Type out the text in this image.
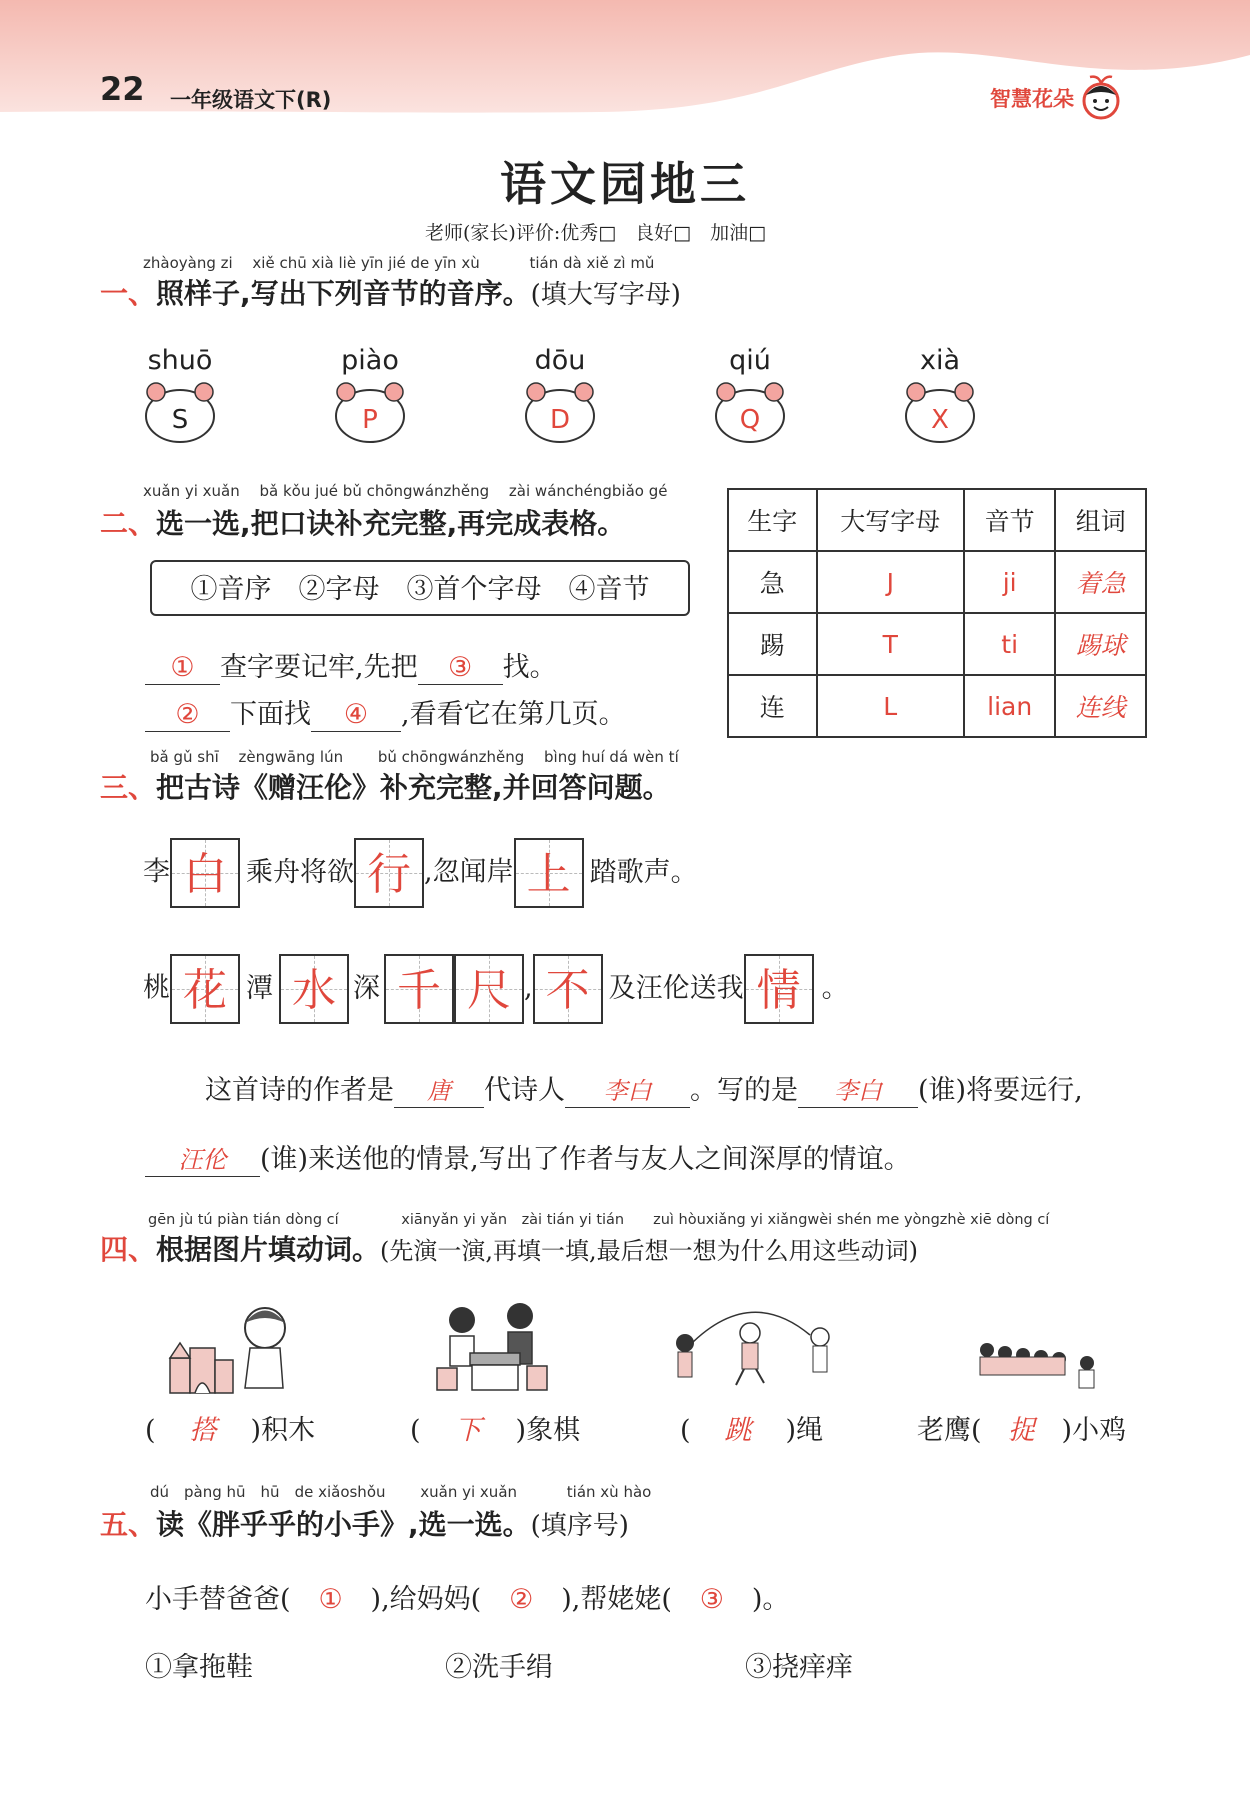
22 一年级语文下(R)	智慧花朵
语文园地三
老师(家长)评价:优秀□　良好□　加油□
zhàoyàng zi　 xiě chū xià liè yīn jié de yīn xù　　　 tián dà xiě zì mǔ
一、照样子,写出下列音节的音序。(填大写字母)
shuō
S
piào
P
dōu
D
qiú
Q
xià
X
xuǎn yi xuǎn　 bǎ kǒu jué bǔ chōngwánzhěng　 zài wánchéngbiǎo gé
二、选一选,把口诀补充完整,再完成表格。
①音序　②字母　③首个字母　④音节
① 查字要记牢,先把 ③ 找。
② 下面找 ④ ,看看它在第几页。
生字	大写字母	音节	组词
急	J	ji	着急
踢	T	ti	踢球
连	L	lian	连线
bǎ gǔ shī　 zèngwāng lún　　 bǔ chōngwánzhěng　 bìng huí dá wèn tí
三、把古诗《赠汪伦》补充完整,并回答问题。
李 白 乘舟将欲 行 ,忽闻岸 上 踏歌声。
桃 花 潭 水 深 千 尺 , 不 及汪伦送我 情 。
这首诗的作者是 唐 代诗人 李白 。写的是 李白 (谁)将要远行,
汪伦 (谁)来送他的情景,写出了作者与友人之间深厚的情谊。
gēn jù tú piàn tián dòng cí　　　　 xiānyǎn yi yǎn　zài tián yi tián　　zuì hòuxiǎng yi xiǎngwèi shén me yòngzhè xiē dòng cí
四、根据图片填动词。(先演一演,再填一填,最后想一想为什么用这些动词)
( 搭 )积木	( 下 )象棋	( 跳 )绳	老鹰( 捉 )小鸡
dú　pàng hū　hū　de xiǎoshǒu　　 xuǎn yi xuǎn　　　 tián xù hào
五、读《胖乎乎的小手》,选一选。(填序号)
小手替爸爸( ① ),给妈妈( ② ),帮姥姥( ③ )。
①拿拖鞋	②洗手绢	③挠痒痒
